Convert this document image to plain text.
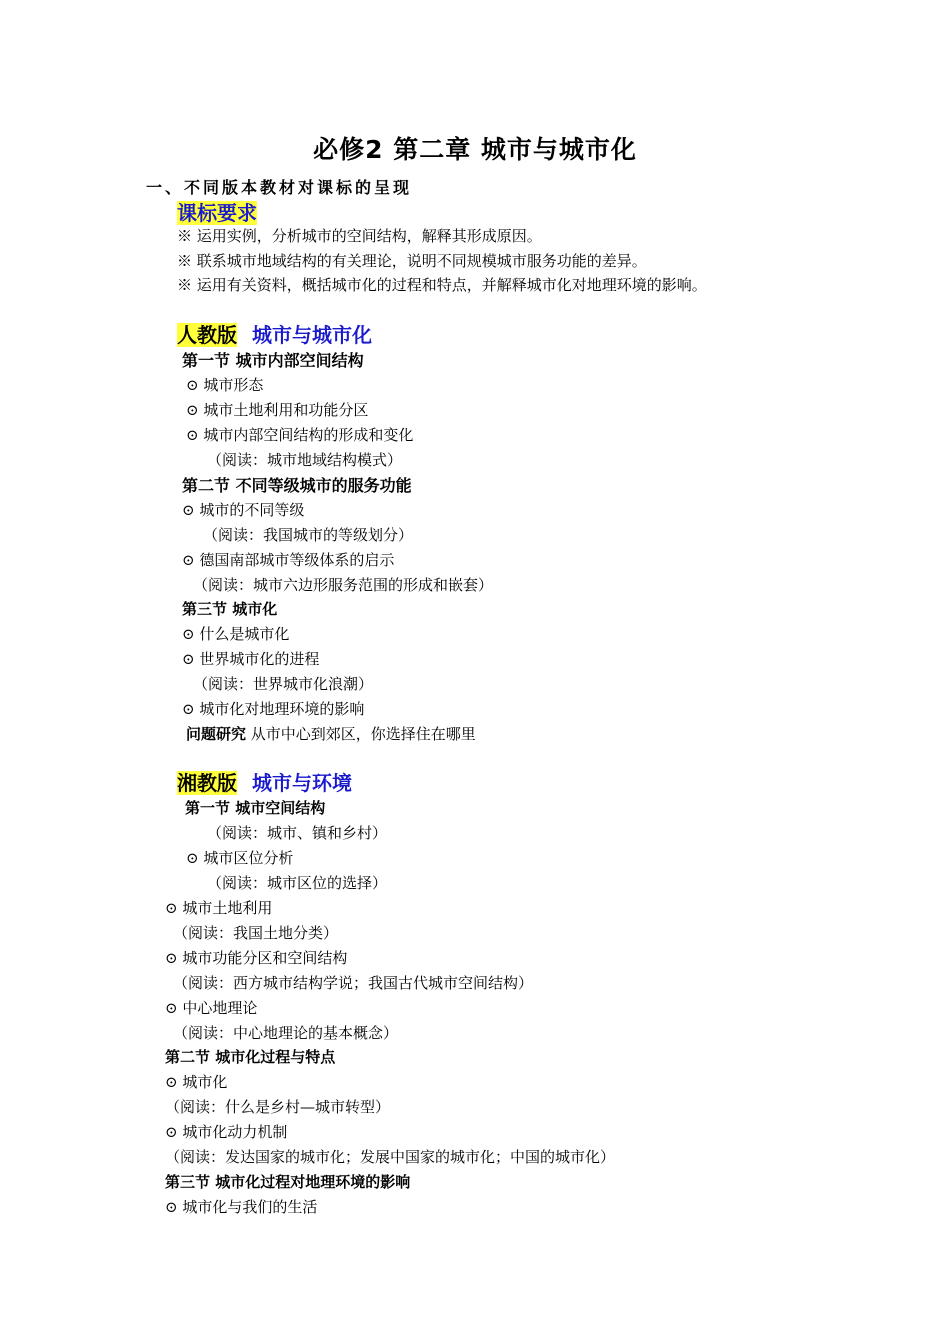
必修2 第二章 城市与城市化
一、不同版本教材对课标的呈现
课标要求
※ 运用实例，分析城市的空间结构，解释其形成原因。
※ 联系城市地域结构的有关理论，说明不同规模城市服务功能的差异。
※ 运用有关资料，概括城市化的过程和特点，并解释城市化对地理环境的影响。
人教版 城市与城市化
第一节 城市内部空间结构
⊙ 城市形态
⊙ 城市土地利用和功能分区
⊙ 城市内部空间结构的形成和变化
（阅读：城市地域结构模式）
第二节 不同等级城市的服务功能
⊙ 城市的不同等级
（阅读：我国城市的等级划分）
⊙ 德国南部城市等级体系的启示
（阅读：城市六边形服务范围的形成和嵌套）
第三节 城市化
⊙ 什么是城市化
⊙ 世界城市化的进程
（阅读：世界城市化浪潮）
⊙ 城市化对地理环境的影响
问题研究 从市中心到郊区，你选择住在哪里
湘教版 城市与环境
第一节 城市空间结构
（阅读：城市、镇和乡村）
⊙ 城市区位分析
（阅读：城市区位的选择）
⊙ 城市土地利用
（阅读：我国土地分类）
⊙ 城市功能分区和空间结构
（阅读：西方城市结构学说；我国古代城市空间结构）
⊙ 中心地理论
（阅读：中心地理论的基本概念）
第二节 城市化过程与特点
⊙ 城市化
（阅读：什么是乡村—城市转型）
⊙ 城市化动力机制
（阅读：发达国家的城市化；发展中国家的城市化；中国的城市化）
第三节 城市化过程对地理环境的影响
⊙ 城市化与我们的生活
